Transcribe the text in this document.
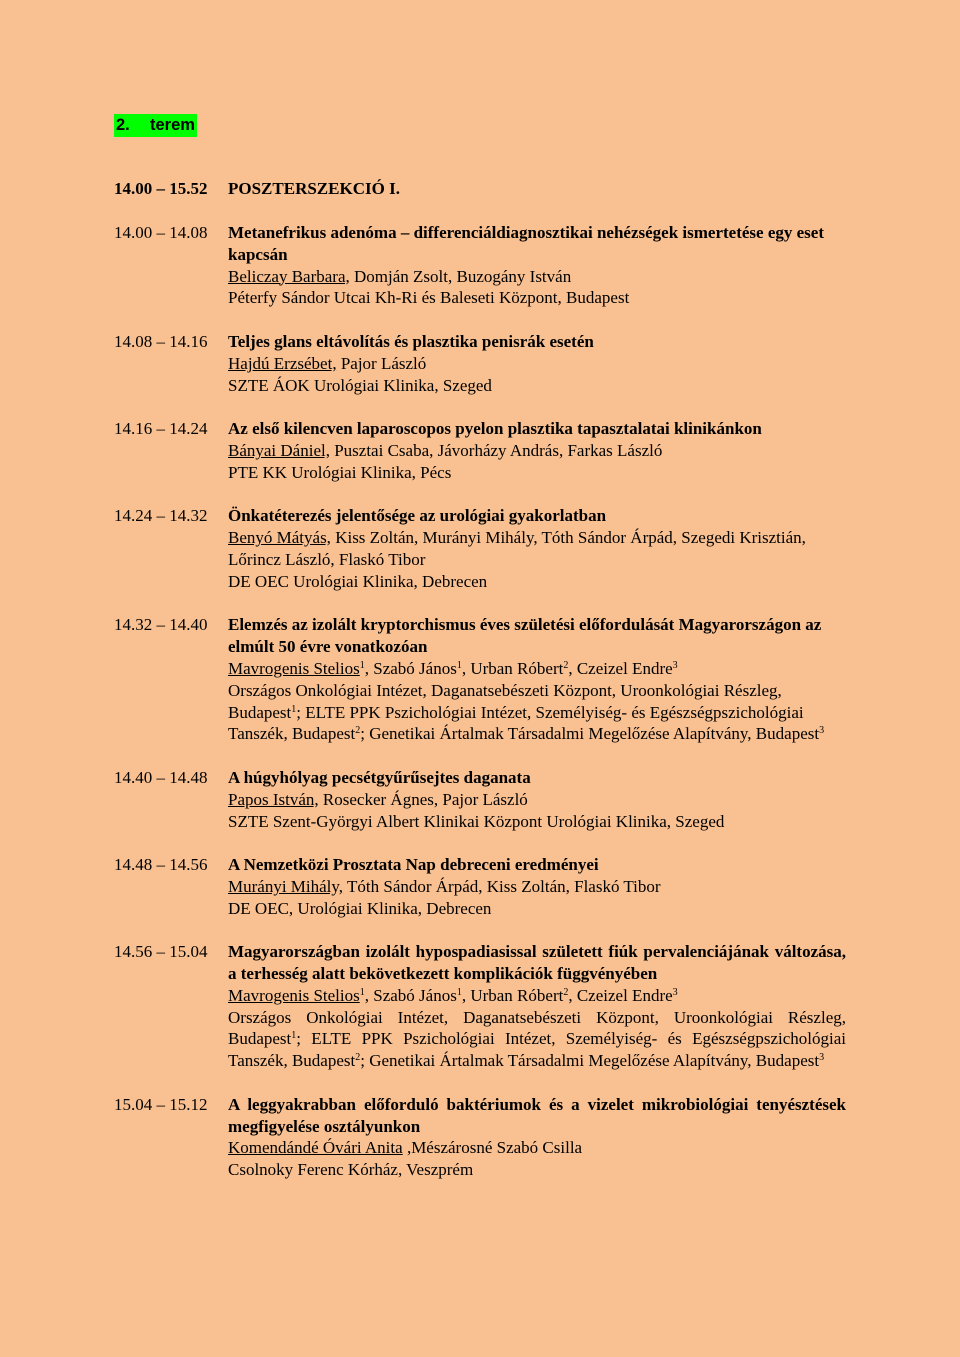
2. terem
14.00 – 15.52 POSZTERSZEKCIÓ I.
14.00 – 14.08	Metanefrikus adenóma – differenciáldiagnosztikai nehézségek ismertetése egy eset kapcsán
Beliczay Barbara, Domján Zsolt, Buzogány István
Péterfy Sándor Utcai Kh-Ri és Baleseti Központ, Budapest
14.08 – 14.16	Teljes glans eltávolítás és plasztika penisrák esetén
Hajdú Erzsébet, Pajor László
SZTE ÁOK Urológiai Klinika, Szeged
14.16 – 14.24	Az első kilencven laparoscopos pyelon plasztika tapasztalatai klinikánkon
Bányai Dániel, Pusztai Csaba, Jávorházy András, Farkas László
PTE KK Urológiai Klinika, Pécs
14.24 – 14.32	Önkatéterezés jelentősége az urológiai gyakorlatban
Benyó Mátyás, Kiss Zoltán, Murányi Mihály, Tóth Sándor Árpád, Szegedi Krisztián, Lőrincz László, Flaskó Tibor
DE OEC Urológiai Klinika, Debrecen
14.32 – 14.40	Elemzés az izolált kryptorchismus éves születési előfordulását Magyarországon az elmúlt 50 évre vonatkozóan
Mavrogenis Stelios$^1$, Szabó János$^1$, Urban Róbert$^2$, Czeizel Endre$^3$
Országos Onkológiai Intézet, Daganatsebészeti Központ, Uroonkológiai Részleg, Budapest$^1$; ELTE PPK Pszichológiai Intézet, Személyiség- és Egészségpszichológiai Tanszék, Budapest$^2$; Genetikai Ártalmak Társadalmi Megelőzése Alapítvány, Budapest$^3$
14.40 – 14.48	A húgyhólyag pecsétgyűrűsejtes daganata
Papos István, Rosecker Ágnes, Pajor László
SZTE Szent-Györgyi Albert Klinikai Központ Urológiai Klinika, Szeged
14.48 – 14.56	A Nemzetközi Prosztata Nap debreceni eredményei
Murányi Mihály, Tóth Sándor Árpád, Kiss Zoltán, Flaskó Tibor
DE OEC, Urológiai Klinika, Debrecen
14.56 – 15.04	Magyarországban izolált hypospadiasissal született fiúk pervalenciájának változása, a terhesség alatt bekövetkezett komplikációk függvényében
Mavrogenis Stelios$^1$, Szabó János$^1$, Urban Róbert$^2$, Czeizel Endre$^3$
Országos Onkológiai Intézet, Daganatsebészeti Központ, Uroonkológiai Részleg, Budapest$^1$; ELTE PPK Pszichológiai Intézet, Személyiség- és Egészségpszichológiai Tanszék, Budapest$^2$; Genetikai Ártalmak Társadalmi Megelőzése Alapítvány, Budapest$^3$
15.04 – 15.12	A leggyakrabban előforduló baktériumok és a vizelet mikrobiológiai tenyésztések megfigyelése osztályunkon
Komendándé Óvári Anita ,Mészárosné Szabó Csilla
Csolnoky Ferenc Kórház, Veszprém
